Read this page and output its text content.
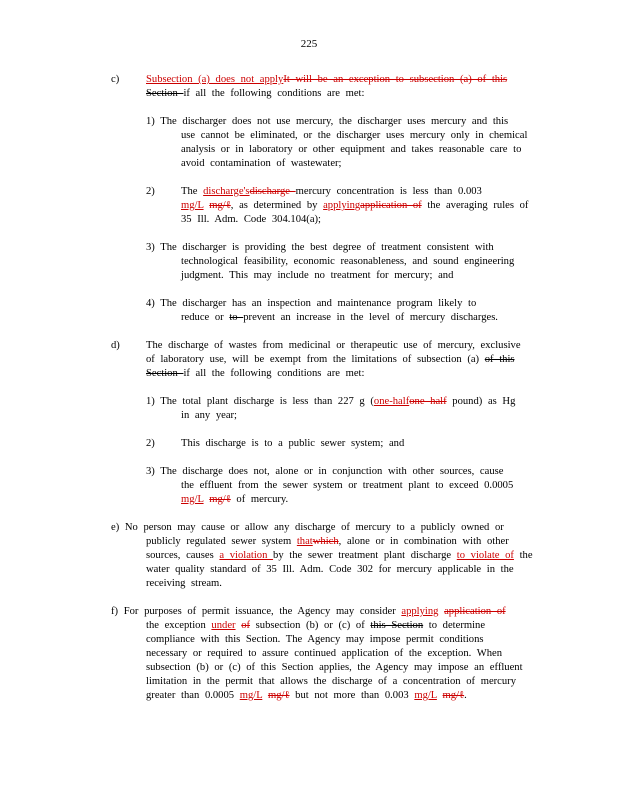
225
c)	Subsection (a) does not applyIt will be an exception to subsection (a) of this
Section if all the following conditions are met:
1) The discharger does not use mercury, the discharger uses mercury and this
use cannot be eliminated, or the discharger uses mercury only in chemical
analysis or in laboratory or other equipment and takes reasonable care to
avoid contamination of wastewater;
2) The discharge'sdischarge mercury concentration is less than 0.003
mg/L mg/ℓ, as determined by applyingapplication of the averaging rules of
35 Ill. Adm. Code 304.104(a);
3) The discharger is providing the best degree of treatment consistent with
technological feasibility, economic reasonableness, and sound engineering
judgment. This may include no treatment for mercury; and
4) The discharger has an inspection and maintenance program likely to
reduce or to prevent an increase in the level of mercury discharges.
d) The discharge of wastes from medicinal or therapeutic use of mercury, exclusive
of laboratory use, will be exempt from the limitations of subsection (a) of this
Section if all the following conditions are met:
1) The total plant discharge is less than 227 g (one-halfone half pound) as Hg
in any year;
2) This discharge is to a public sewer system; and
3) The discharge does not, alone or in conjunction with other sources, cause
the effluent from the sewer system or treatment plant to exceed 0.0005
mg/L mg/ℓ of mercury.
e) No person may cause or allow any discharge of mercury to a publicly owned or
publicly regulated sewer system thatwhich, alone or in combination with other
sources, causes a violation by the sewer treatment plant discharge to violate of the
water quality standard of 35 Ill. Adm. Code 302 for mercury applicable in the
receiving stream.
f) For purposes of permit issuance, the Agency may consider applying application of
the exception under of subsection (b) or (c) of this Section to determine
compliance with this Section. The Agency may impose permit conditions
necessary or required to assure continued application of the exception. When
subsection (b) or (c) of this Section applies, the Agency may impose an effluent
limitation in the permit that allows the discharge of a concentration of mercury
greater than 0.0005 mg/L mg/ℓ but not more than 0.003 mg/L mg/ℓ.
